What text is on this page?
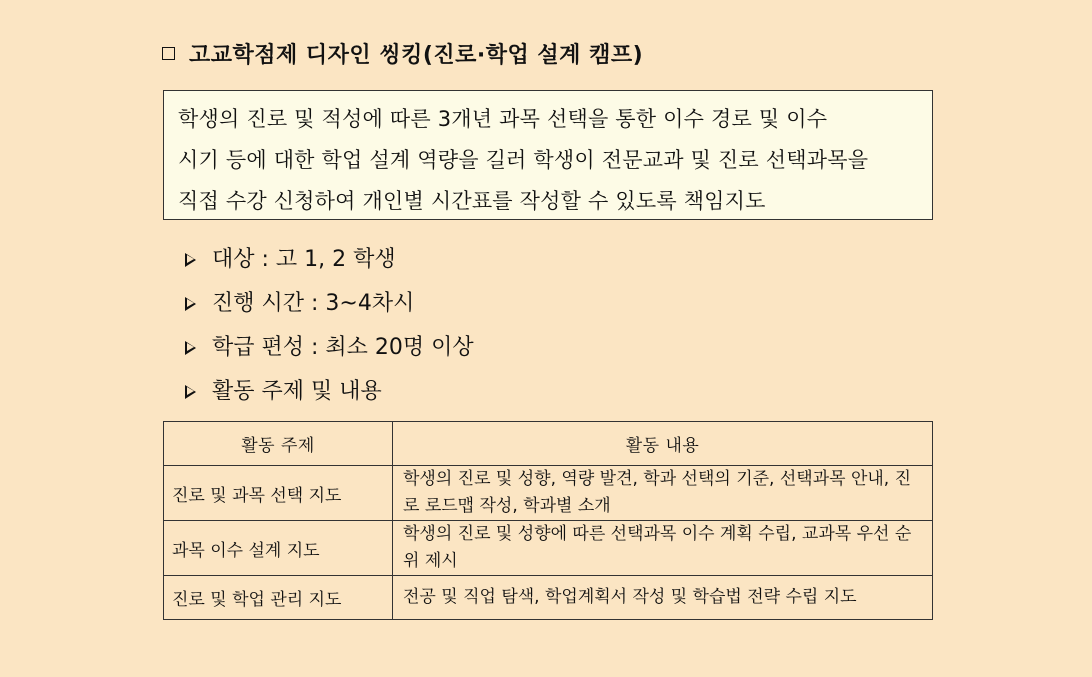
고교학점제 디자인 씽킹(진로·학업 설계 캠프)
학생의 진로 및 적성에 따른 3개년 과목 선택을 통한 이수 경로 및 이수
시기 등에 대한 학업 설계 역량을 길러 학생이 전문교과 및 진로 선택과목을
직접 수강 신청하여 개인별 시간표를 작성할 수 있도록 책임지도
대상 : 고 1, 2 학생
진행 시간 : 3~4차시
학급 편성 : 최소 20명 이상
활동 주제 및 내용
활동 주제	활동 내용
진로 및 과목 선택 지도	학생의 진로 및 성향, 역량 발견, 학과 선택의 기준, 선택과목 안내, 진로 로드맵 작성, 학과별 소개
과목 이수 설계 지도	학생의 진로 및 성향에 따른 선택과목 이수 계획 수립, 교과목 우선 순위 제시
진로 및 학업 관리 지도	전공 및 직업 탐색, 학업계획서 작성 및 학습법 전략 수립 지도
